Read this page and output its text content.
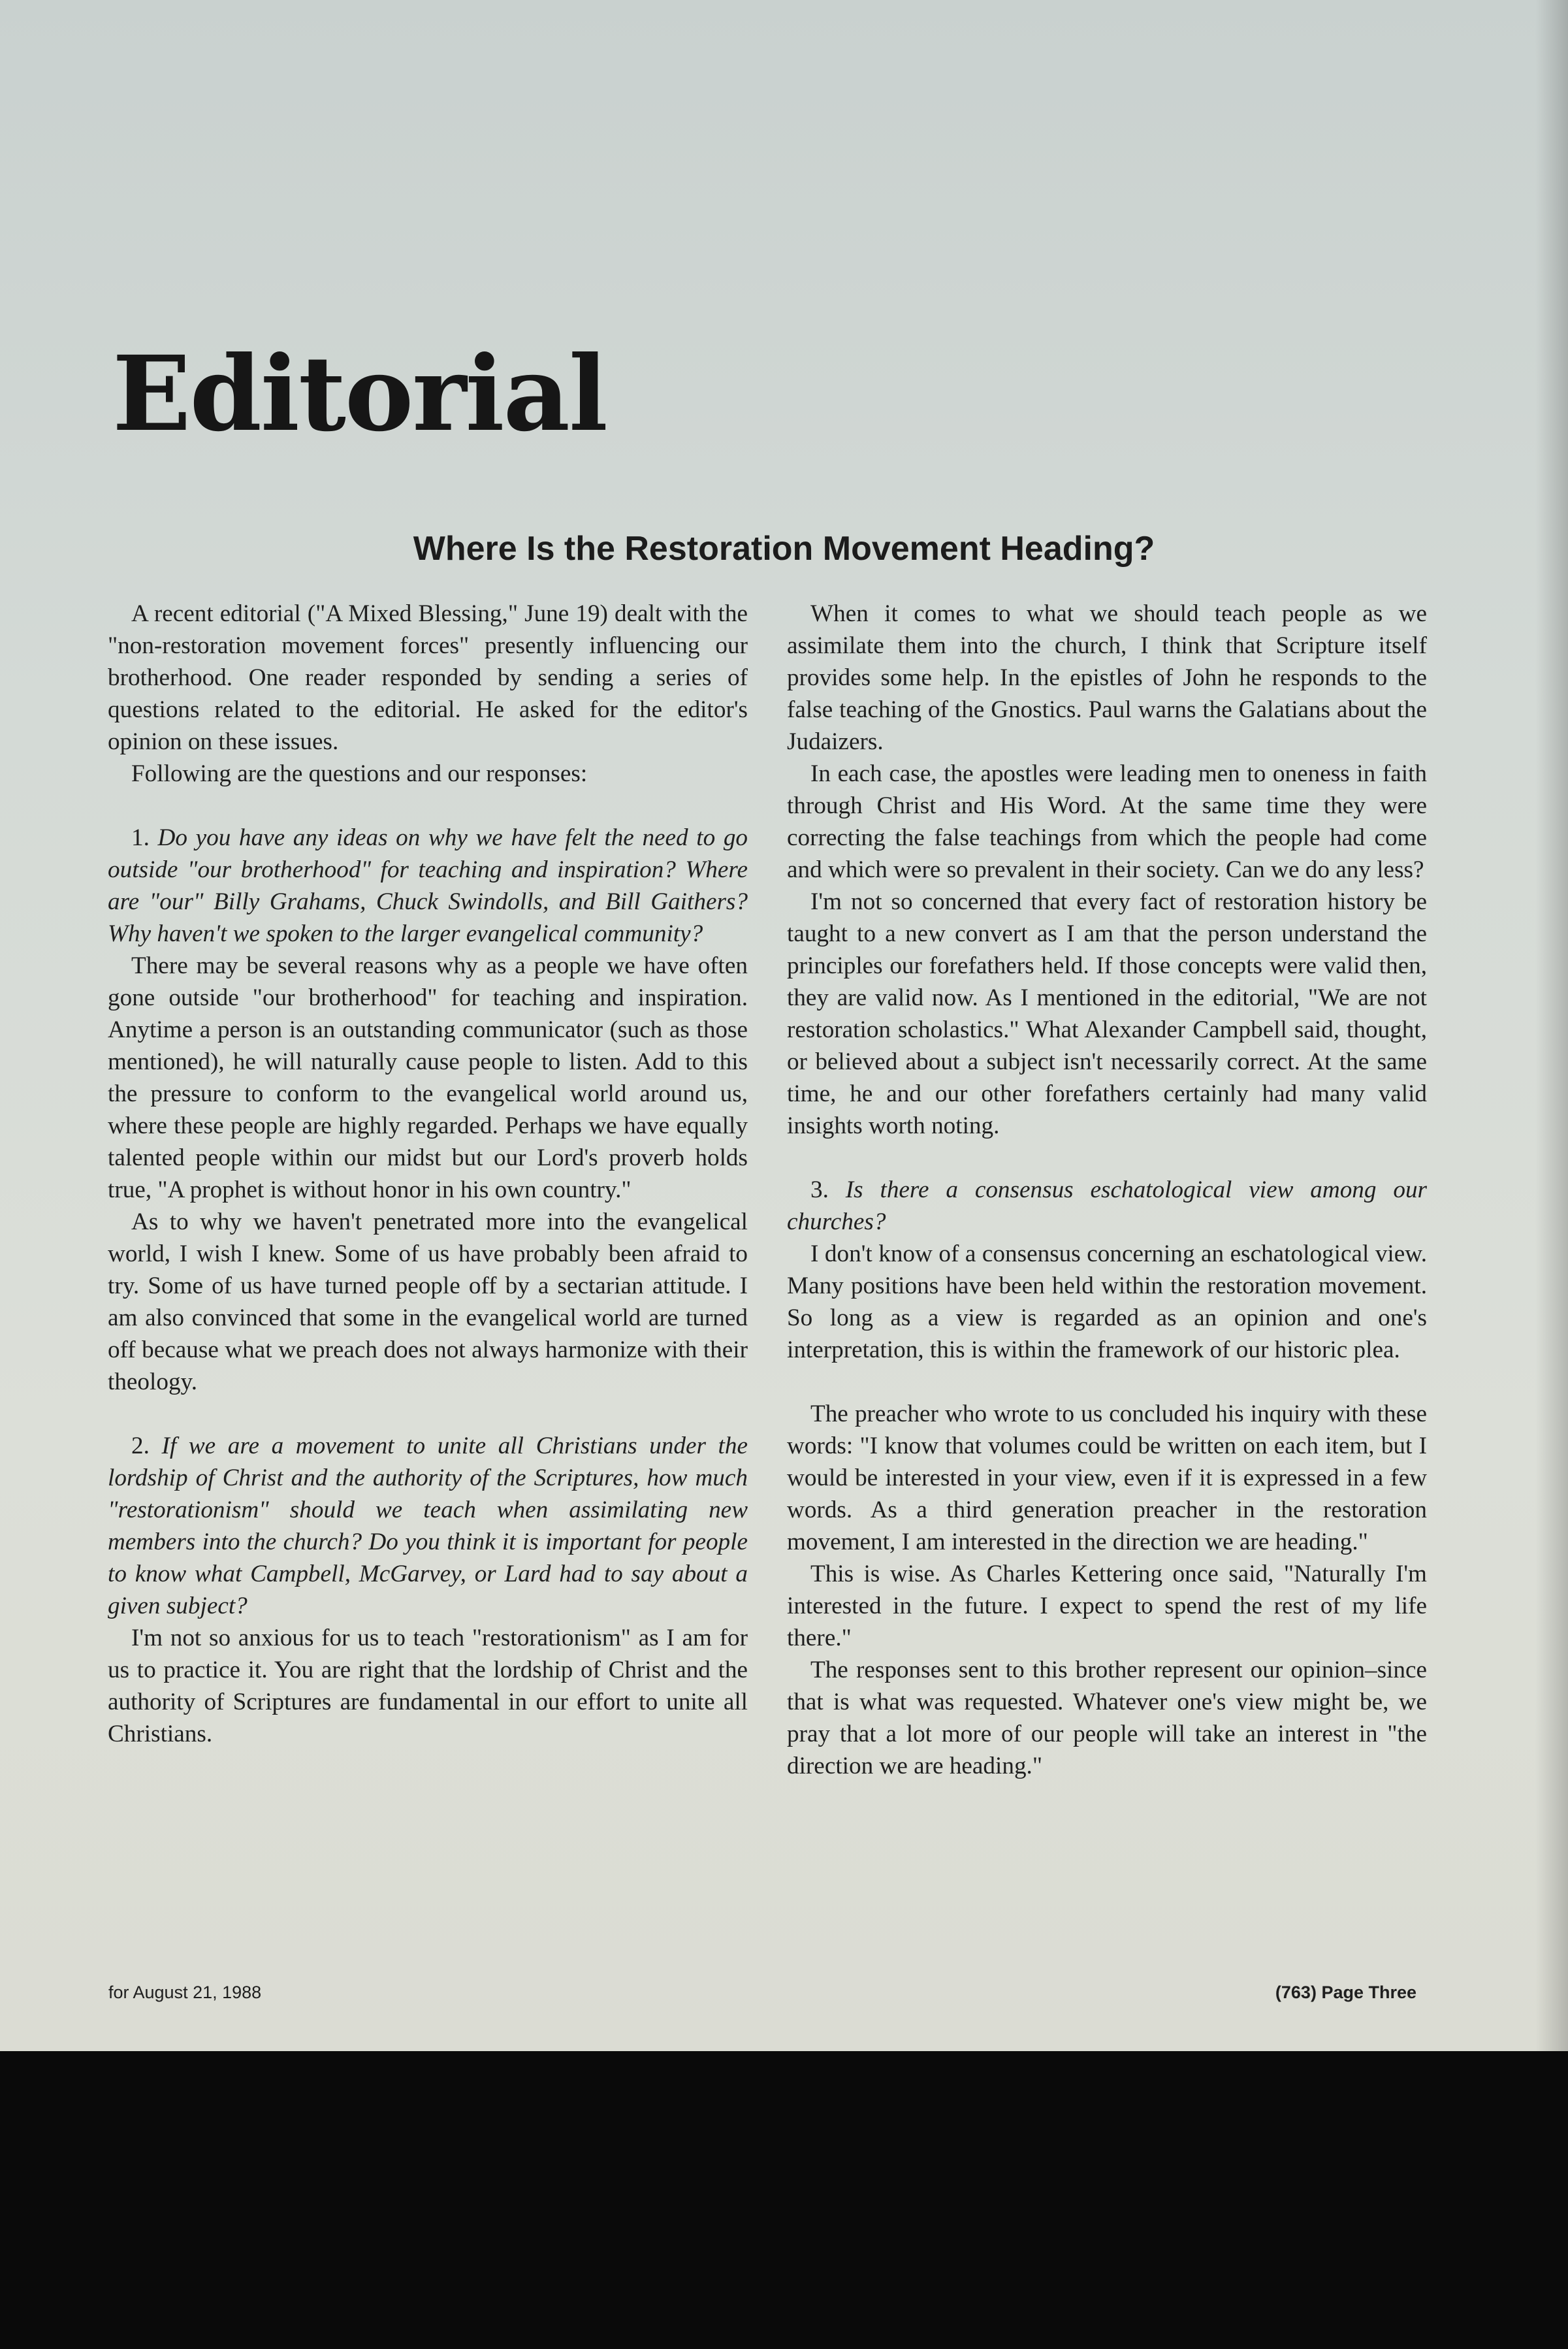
Editorial
Where Is the Restoration Movement Heading?

A recent editorial ("A Mixed Blessing," June 19) dealt with the "non-restoration movement forces" presently influencing our brotherhood. One reader responded by sending a series of questions related to the editorial. He asked for the editor's opinion on these issues.

Following are the questions and our responses:

1. Do you have any ideas on why we have felt the need to go outside "our brotherhood" for teaching and inspiration? Where are "our" Billy Grahams, Chuck Swindolls, and Bill Gaithers? Why haven't we spoken to the larger evangelical community?

There may be several reasons why as a people we have often gone outside "our brotherhood" for teaching and inspiration. Anytime a person is an outstanding communicator (such as those mentioned), he will naturally cause people to listen. Add to this the pressure to conform to the evangelical world around us, where these people are highly regarded. Perhaps we have equally talented people within our midst but our Lord's proverb holds true, "A prophet is without honor in his own country."

As to why we haven't penetrated more into the evangelical world, I wish I knew. Some of us have probably been afraid to try. Some of us have turned people off by a sectarian attitude. I am also convinced that some in the evangelical world are turned off because what we preach does not always harmonize with their theology.

2. If we are a movement to unite all Christians under the lordship of Christ and the authority of the Scriptures, how much "restorationism" should we teach when assimilating new members into the church? Do you think it is important for people to know what Campbell, McGarvey, or Lard had to say about a given subject?

I'm not so anxious for us to teach "restorationism" as I am for us to practice it. You are right that the lordship of Christ and the authority of Scriptures are fundamental in our effort to unite all Christians.

When it comes to what we should teach people as we assimilate them into the church, I think that Scripture itself provides some help. In the epistles of John he responds to the false teaching of the Gnostics. Paul warns the Galatians about the Judaizers.

In each case, the apostles were leading men to oneness in faith through Christ and His Word. At the same time they were correcting the false teachings from which the people had come and which were so prevalent in their society. Can we do any less?

I'm not so concerned that every fact of restoration history be taught to a new convert as I am that the person understand the principles our forefathers held. If those concepts were valid then, they are valid now. As I mentioned in the editorial, "We are not restoration scholastics." What Alexander Campbell said, thought, or believed about a subject isn't necessarily correct. At the same time, he and our other forefathers certainly had many valid insights worth noting.

3. Is there a consensus eschatological view among our churches?

I don't know of a consensus concerning an eschatological view. Many positions have been held within the restoration movement. So long as a view is regarded as an opinion and one's interpretation, this is within the framework of our historic plea.

The preacher who wrote to us concluded his inquiry with these words: "I know that volumes could be written on each item, but I would be interested in your view, even if it is expressed in a few words. As a third generation preacher in the restoration movement, I am interested in the direction we are heading."

This is wise. As Charles Kettering once said, "Naturally I'm interested in the future. I expect to spend the rest of my life there."

The responses sent to this brother represent our opinion–since that is what was requested. Whatever one's view might be, we pray that a lot more of our people will take an interest in "the direction we are heading."

for August 21, 1988	(763) Page Three
